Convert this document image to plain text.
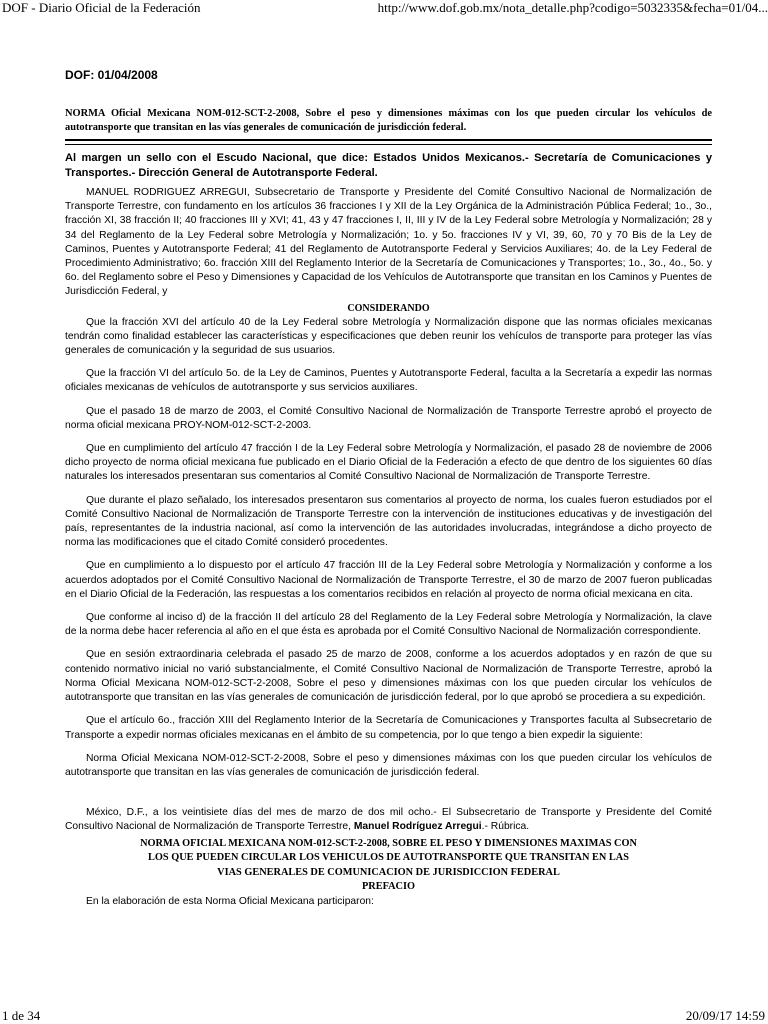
DOF - Diario Oficial de la Federación	http://www.dof.gob.mx/nota_detalle.php?codigo=5032335&fecha=01/04...
DOF: 01/04/2008
NORMA Oficial Mexicana NOM-012-SCT-2-2008, Sobre el peso y dimensiones máximas con los que pueden circular los vehículos de autotransporte que transitan en las vías generales de comunicación de jurisdicción federal.
Al margen un sello con el Escudo Nacional, que dice: Estados Unidos Mexicanos.- Secretaría de Comunicaciones y Transportes.- Dirección General de Autotransporte Federal.

MANUEL RODRIGUEZ ARREGUI, Subsecretario de Transporte y Presidente del Comité Consultivo Nacional de Normalización de Transporte Terrestre, con fundamento en los artículos 36 fracciones I y XII de la Ley Orgánica de la Administración Pública Federal; 1o., 3o., fracción XI, 38 fracción II; 40 fracciones III y XVI; 41, 43 y 47 fracciones I, II, III y IV de la Ley Federal sobre Metrología y Normalización; 28 y 34 del Reglamento de la Ley Federal sobre Metrología y Normalización; 1o. y 5o. fracciones IV y VI, 39, 60, 70 y 70 Bis de la Ley de Caminos, Puentes y Autotransporte Federal; 41 del Reglamento de Autotransporte Federal y Servicios Auxiliares; 4o. de la Ley Federal de Procedimiento Administrativo; 6o. fracción XIII del Reglamento Interior de la Secretaría de Comunicaciones y Transportes; 1o., 3o., 4o., 5o. y 6o. del Reglamento sobre el Peso y Dimensiones y Capacidad de los Vehículos de Autotransporte que transitan en los Caminos y Puentes de Jurisdicción Federal, y

CONSIDERANDO

Que la fracción XVI del artículo 40 de la Ley Federal sobre Metrología y Normalización dispone que las normas oficiales mexicanas tendrán como finalidad establecer las características y especificaciones que deben reunir los vehículos de transporte para proteger las vías generales de comunicación y la seguridad de sus usuarios.

Que la fracción VI del artículo 5o. de la Ley de Caminos, Puentes y Autotransporte Federal, faculta a la Secretaría a expedir las normas oficiales mexicanas de vehículos de autotransporte y sus servicios auxiliares.

Que el pasado 18 de marzo de 2003, el Comité Consultivo Nacional de Normalización de Transporte Terrestre aprobó el proyecto de norma oficial mexicana PROY-NOM-012-SCT-2-2003.

Que en cumplimiento del artículo 47 fracción I de la Ley Federal sobre Metrología y Normalización, el pasado 28 de noviembre de 2006 dicho proyecto de norma oficial mexicana fue publicado en el Diario Oficial de la Federación a efecto de que dentro de los siguientes 60 días naturales los interesados presentaran sus comentarios al Comité Consultivo Nacional de Normalización de Transporte Terrestre.

Que durante el plazo señalado, los interesados presentaron sus comentarios al proyecto de norma, los cuales fueron estudiados por el Comité Consultivo Nacional de Normalización de Transporte Terrestre con la intervención de instituciones educativas y de investigación del país, representantes de la industria nacional, así como la intervención de las autoridades involucradas, integrándose a dicho proyecto de norma las modificaciones que el citado Comité consideró procedentes.

Que en cumplimiento a lo dispuesto por el artículo 47 fracción III de la Ley Federal sobre Metrología y Normalización y conforme a los acuerdos adoptados por el Comité Consultivo Nacional de Normalización de Transporte Terrestre, el 30 de marzo de 2007 fueron publicadas en el Diario Oficial de la Federación, las respuestas a los comentarios recibidos en relación al proyecto de norma oficial mexicana en cita.

Que conforme al inciso d) de la fracción II del artículo 28 del Reglamento de la Ley Federal sobre Metrología y Normalización, la clave de la norma debe hacer referencia al año en el que ésta es aprobada por el Comité Consultivo Nacional de Normalización correspondiente.

Que en sesión extraordinaria celebrada el pasado 25 de marzo de 2008, conforme a los acuerdos adoptados y en razón de que su contenido normativo inicial no varió substancialmente, el Comité Consultivo Nacional de Normalización de Transporte Terrestre, aprobó la Norma Oficial Mexicana NOM-012-SCT-2-2008, Sobre el peso y dimensiones máximas con los que pueden circular los vehículos de autotransporte que transitan en las vías generales de comunicación de jurisdicción federal, por lo que aprobó se procediera a su expedición.

Que el artículo 6o., fracción XIII del Reglamento Interior de la Secretaría de Comunicaciones y Transportes faculta al Subsecretario de Transporte a expedir normas oficiales mexicanas en el ámbito de su competencia, por lo que tengo a bien expedir la siguiente:

Norma Oficial Mexicana NOM-012-SCT-2-2008, Sobre el peso y dimensiones máximas con los que pueden circular los vehículos de autotransporte que transitan en las vías generales de comunicación de jurisdicción federal.

México, D.F., a los veintisiete días del mes de marzo de dos mil ocho.- El Subsecretario de Transporte y Presidente del Comité Consultivo Nacional de Normalización de Transporte Terrestre, Manuel Rodríguez Arregui.- Rúbrica.

NORMA OFICIAL MEXICANA NOM-012-SCT-2-2008, SOBRE EL PESO Y DIMENSIONES MAXIMAS CON
LOS QUE PUEDEN CIRCULAR LOS VEHICULOS DE AUTOTRANSPORTE QUE TRANSITAN EN LAS
VIAS GENERALES DE COMUNICACION DE JURISDICCION FEDERAL
PREFACIO

En la elaboración de esta Norma Oficial Mexicana participaron:

1 de 34	20/09/17 14:59
